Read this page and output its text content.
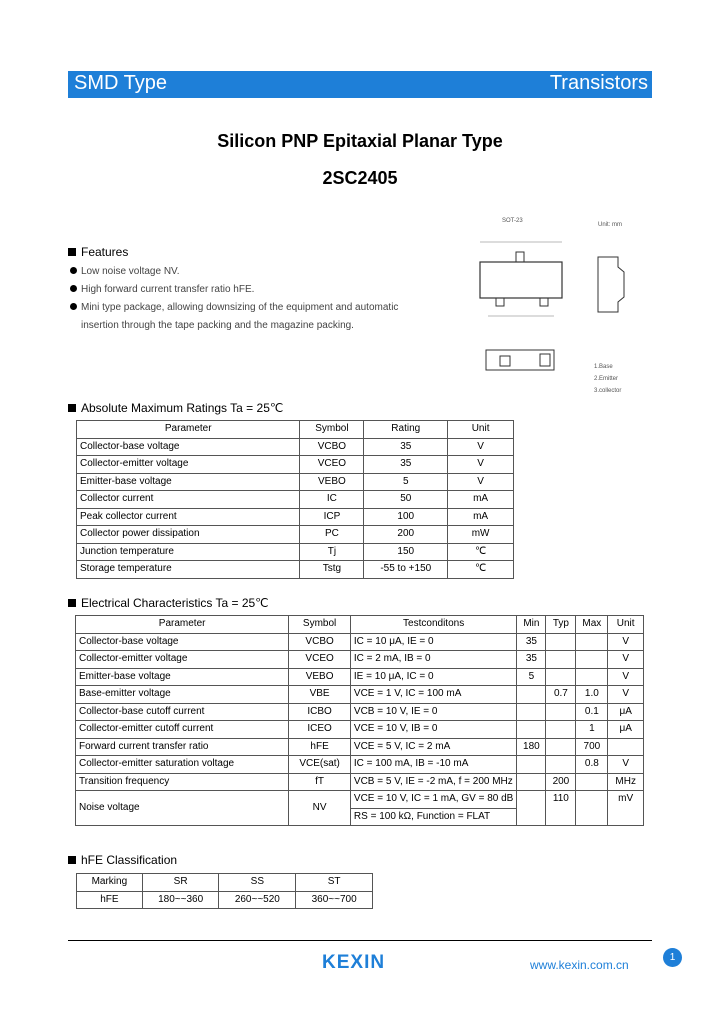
SMD Type	Transistors
Silicon PNP Epitaxial Planar Type
2SC2405
Features
Low noise voltage NV.
High forward current transfer ratio hFE.
Mini type package, allowing downsizing of the equipment and automatic
insertion through the tape packing and the magazine packing.
SOT-23
Unit: mm
1.Base
2.Emitter
3.collector
Absolute Maximum Ratings Ta = 25℃
Parameter	Symbol	Rating	Unit
Collector-base voltage	VCBO	35	V
Collector-emitter voltage	VCEO	35	V
Emitter-base voltage	VEBO	5	V
Collector current	IC	50	mA
Peak collector current	ICP	100	mA
Collector power dissipation	PC	200	mW
Junction temperature	Tj	150	℃
Storage temperature	Tstg	-55 to +150	℃
Electrical Characteristics Ta = 25℃
Parameter	Symbol	Testconditons	Min	Typ	Max	Unit
Collector-base voltage	VCBO	IC = 10 μA, IE = 0	35			V
Collector-emitter voltage	VCEO	IC = 2 mA, IB = 0	35			V
Emitter-base voltage	VEBO	IE = 10 μA, IC = 0	5			V
Base-emitter voltage	VBE	VCE = 1 V, IC = 100 mA		0.7	1.0	V
Collector-base cutoff current	ICBO	VCB = 10 V, IE = 0			0.1	μA
Collector-emitter cutoff current	ICEO	VCE = 10 V, IB = 0			1	μA
Forward current transfer ratio	hFE	VCE = 5 V, IC = 2 mA	180		700	
Collector-emitter saturation voltage	VCE(sat)	IC = 100 mA, IB = -10 mA			0.8	V
Transition frequency	fT	VCB = 5 V, IE = -2 mA, f = 200 MHz		200		MHz
Noise voltage	NV	VCE = 10 V, IC = 1 mA, GV = 80 dB		110		mV
		RS = 100 kΩ, Function = FLAT				
hFE Classification
Marking	SR	SS	ST
hFE	180~~360	260~~520	360~~700
KEXIN	www.kexin.com.cn
1
